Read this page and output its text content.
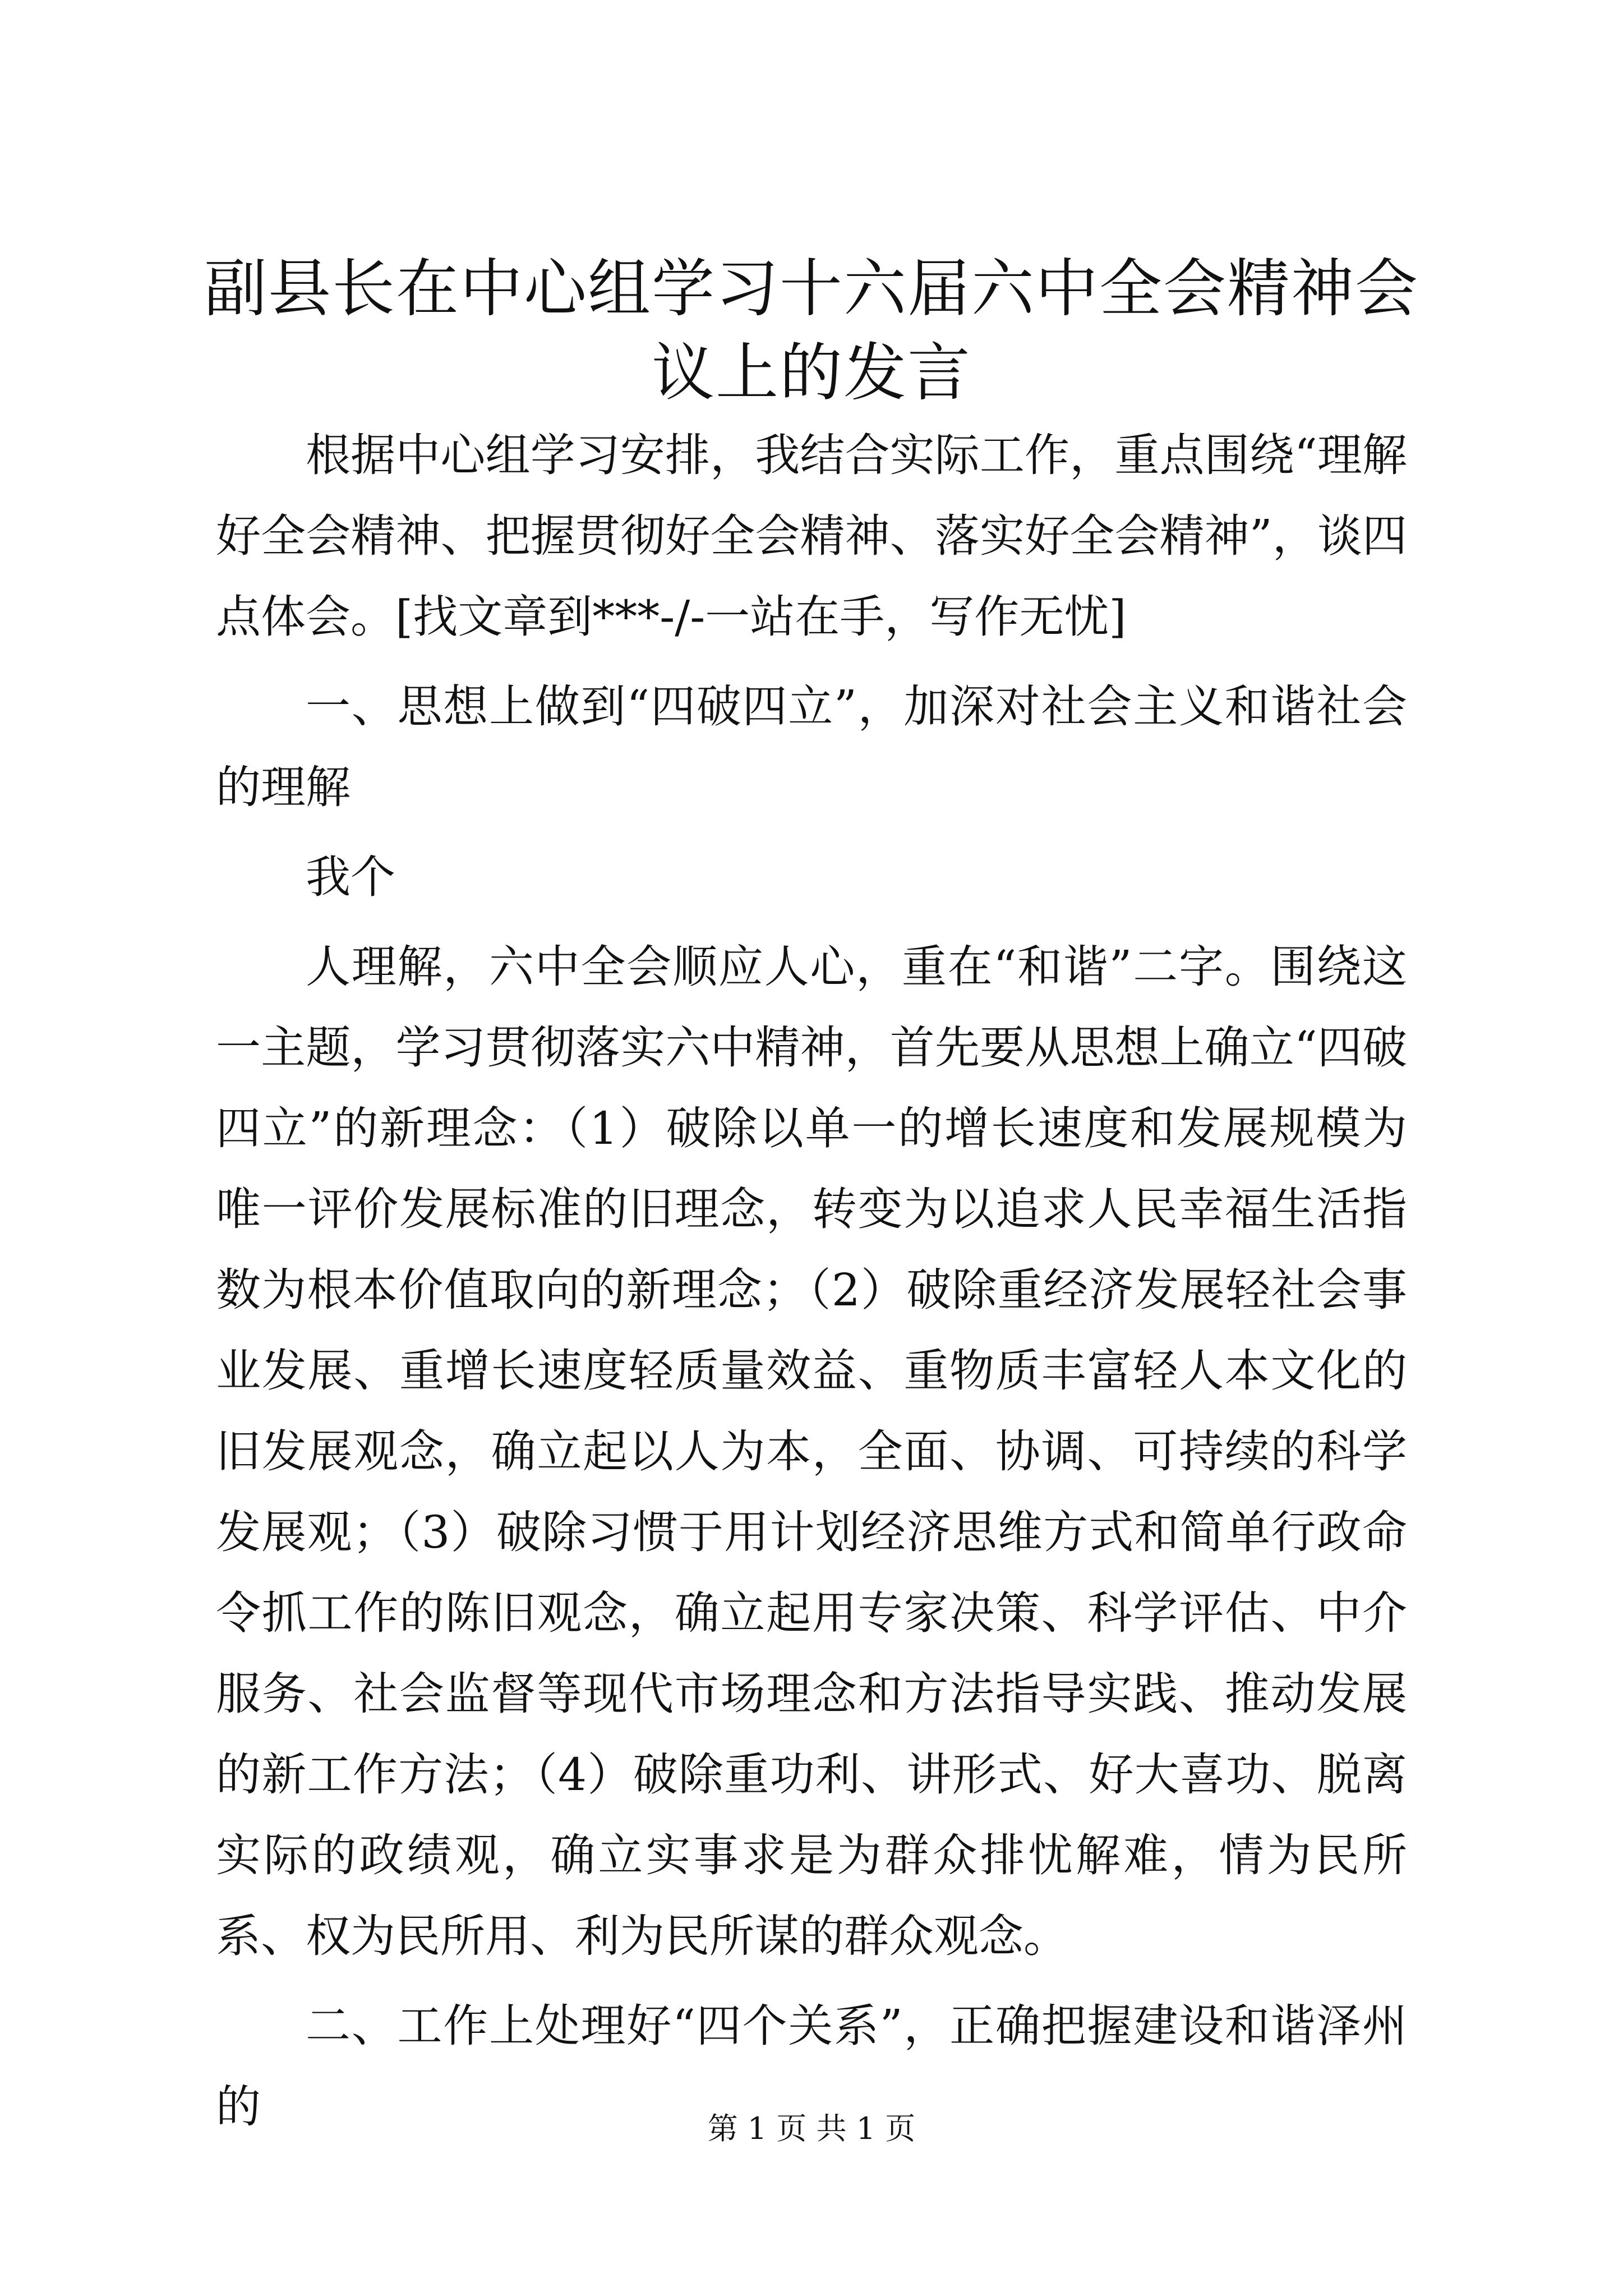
副县长在中心组学习十六届六中全会精神会议上的发言

根据中心组学习安排，我结合实际工作，重点围绕“理解好全会精神、把握贯彻好全会精神、落实好全会精神”，谈四点体会。[找文章到***-/-一站在手，写作无忧]

一、思想上做到“四破四立”，加深对社会主义和谐社会的理解

我个

人理解，六中全会顺应人心，重在“和谐”二字。围绕这一主题，学习贯彻落实六中精神，首先要从思想上确立“四破四立”的新理念：（1）破除以单一的增长速度和发展规模为唯一评价发展标准的旧理念，转变为以追求人民幸福生活指数为根本价值取向的新理念；（2）破除重经济发展轻社会事业发展、重增长速度轻质量效益、重物质丰富轻人本文化的旧发展观念，确立起以人为本，全面、协调、可持续的科学发展观；（3）破除习惯于用计划经济思维方式和简单行政命令抓工作的陈旧观念，确立起用专家决策、科学评估、中介服务、社会监督等现代市场理念和方法指导实践、推动发展的新工作方法；（4）破除重功利、讲形式、好大喜功、脱离实际的政绩观，确立实事求是为群众排忧解难，情为民所系、权为民所用、利为民所谋的群众观念。

二、工作上处理好“四个关系”，正确把握建设和谐泽州的	第 1 页 共 1 页
